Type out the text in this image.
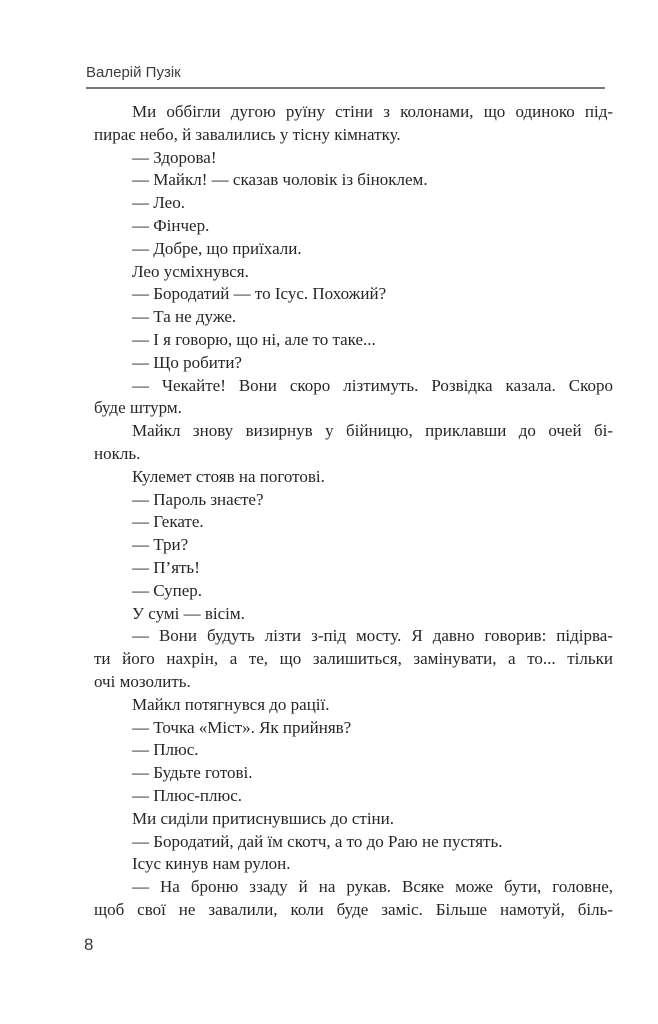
Валерій Пузік
Ми оббігли дугою руїну стіни з колонами, що одиноко під-
пирає небо, й завалились у тісну кімнатку.
— Здорова!
— Майкл! — сказав чоловік із біноклем.
— Лео.
— Фінчер.
— Добре, що приїхали.
Лео усміхнувся.
— Бородатий — то Ісус. Похожий?
— Та не дуже.
— І я говорю, що ні, але то таке...
— Що робити?
— Чекайте! Вони скоро лізтимуть. Розвідка казала. Скоро
буде штурм.
Майкл знову визирнув у бійницю, приклавши до очей бі-
нокль.
Кулемет стояв на поготові.
— Пароль знаєте?
— Гекате.
— Три?
— П’ять!
— Супер.
У сумі — вісім.
— Вони будуть лізти з-під мосту. Я давно говорив: підірва-
ти його нахрін, а те, що залишиться, замінувати, а то... тільки
очі мозолить.
Майкл потягнувся до рації.
— Точка «Міст». Як прийняв?
— Плюс.
— Будьте готові.
— Плюс-плюс.
Ми сиділи притиснувшись до стіни.
— Бородатий, дай їм скотч, а то до Раю не пустять.
Ісус кинув нам рулон.
— На броню ззаду й на рукав. Всяке може бути, головне,
щоб свої не завалили, коли буде заміс. Більше намотуй, біль-
8
